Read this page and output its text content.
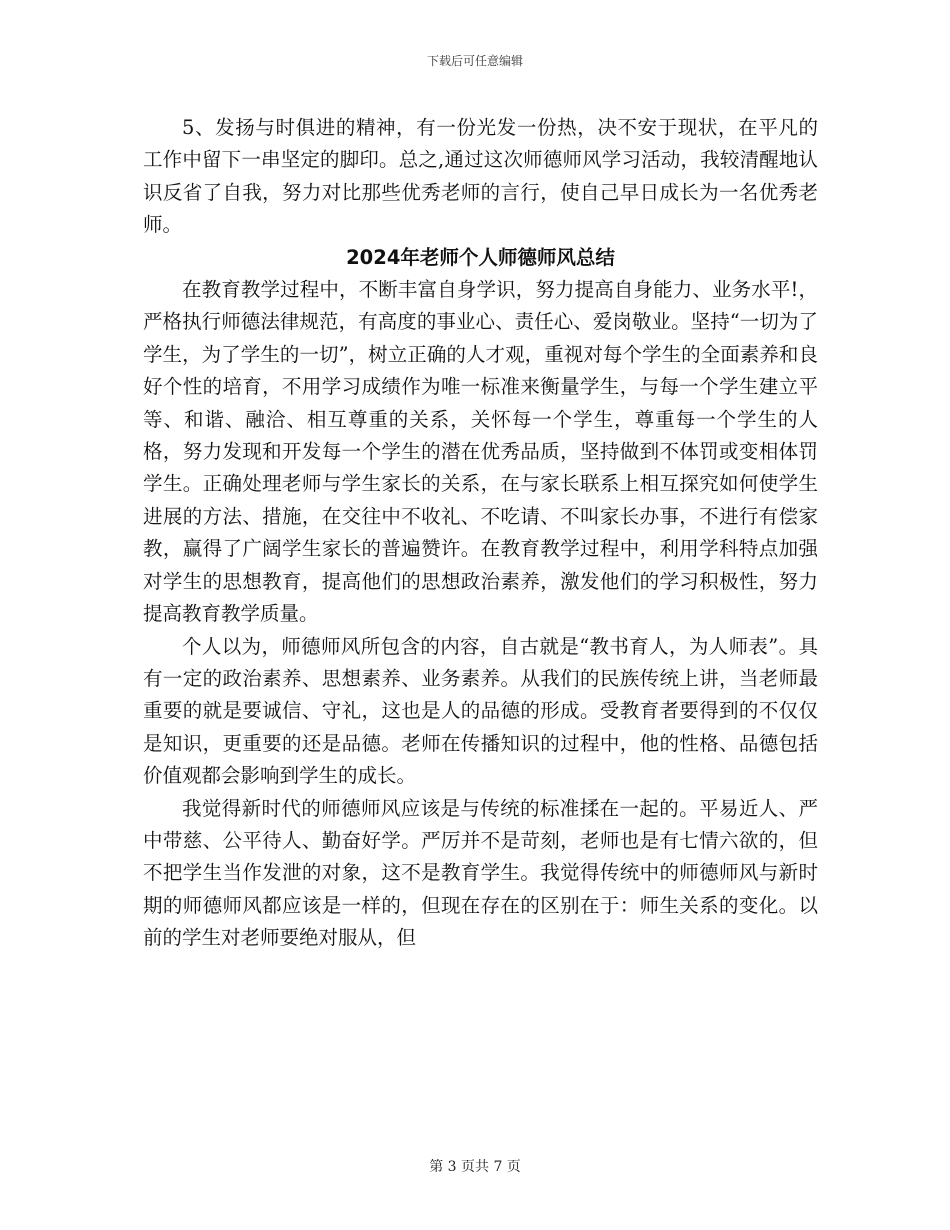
下载后可任意编辑

5、发扬与时俱进的精神，有一份光发一份热，决不安于现状，在平凡的工作中留下一串坚定的脚印。总之,通过这次师德师风学习活动，我较清醒地认识反省了自我，努力对比那些优秀老师的言行，使自己早日成长为一名优秀老师。

2024年老师个人师德师风总结

在教育教学过程中，不断丰富自身学识，努力提高自身能力、业务水平!，严格执行师德法律规范，有高度的事业心、责任心、爱岗敬业。坚持“一切为了学生，为了学生的一切”，树立正确的人才观，重视对每个学生的全面素养和良好个性的培育，不用学习成绩作为唯一标准来衡量学生，与每一个学生建立平等、和谐、融洽、相互尊重的关系，关怀每一个学生，尊重每一个学生的人格，努力发现和开发每一个学生的潜在优秀品质，坚持做到不体罚或变相体罚学生。正确处理老师与学生家长的关系，在与家长联系上相互探究如何使学生进展的方法、措施，在交往中不收礼、不吃请、不叫家长办事，不进行有偿家教，赢得了广阔学生家长的普遍赞许。在教育教学过程中，利用学科特点加强对学生的思想教育，提高他们的思想政治素养，激发他们的学习积极性，努力提高教育教学质量。

个人以为，师德师风所包含的内容，自古就是“教书育人，为人师表”。具有一定的政治素养、思想素养、业务素养。从我们的民族传统上讲，当老师最重要的就是要诚信、守礼，这也是人的品德的形成。受教育者要得到的不仅仅是知识，更重要的还是品德。老师在传播知识的过程中，他的性格、品德包括价值观都会影响到学生的成长。

我觉得新时代的师德师风应该是与传统的标准揉在一起的。平易近人、严中带慈、公平待人、勤奋好学。严厉并不是苛刻，老师也是有七情六欲的，但不把学生当作发泄的对象，这不是教育学生。我觉得传统中的师德师风与新时期的师德师风都应该是一样的，但现在存在的区别在于：师生关系的变化。以前的学生对老师要绝对服从，但

第 3 页共 7 页
